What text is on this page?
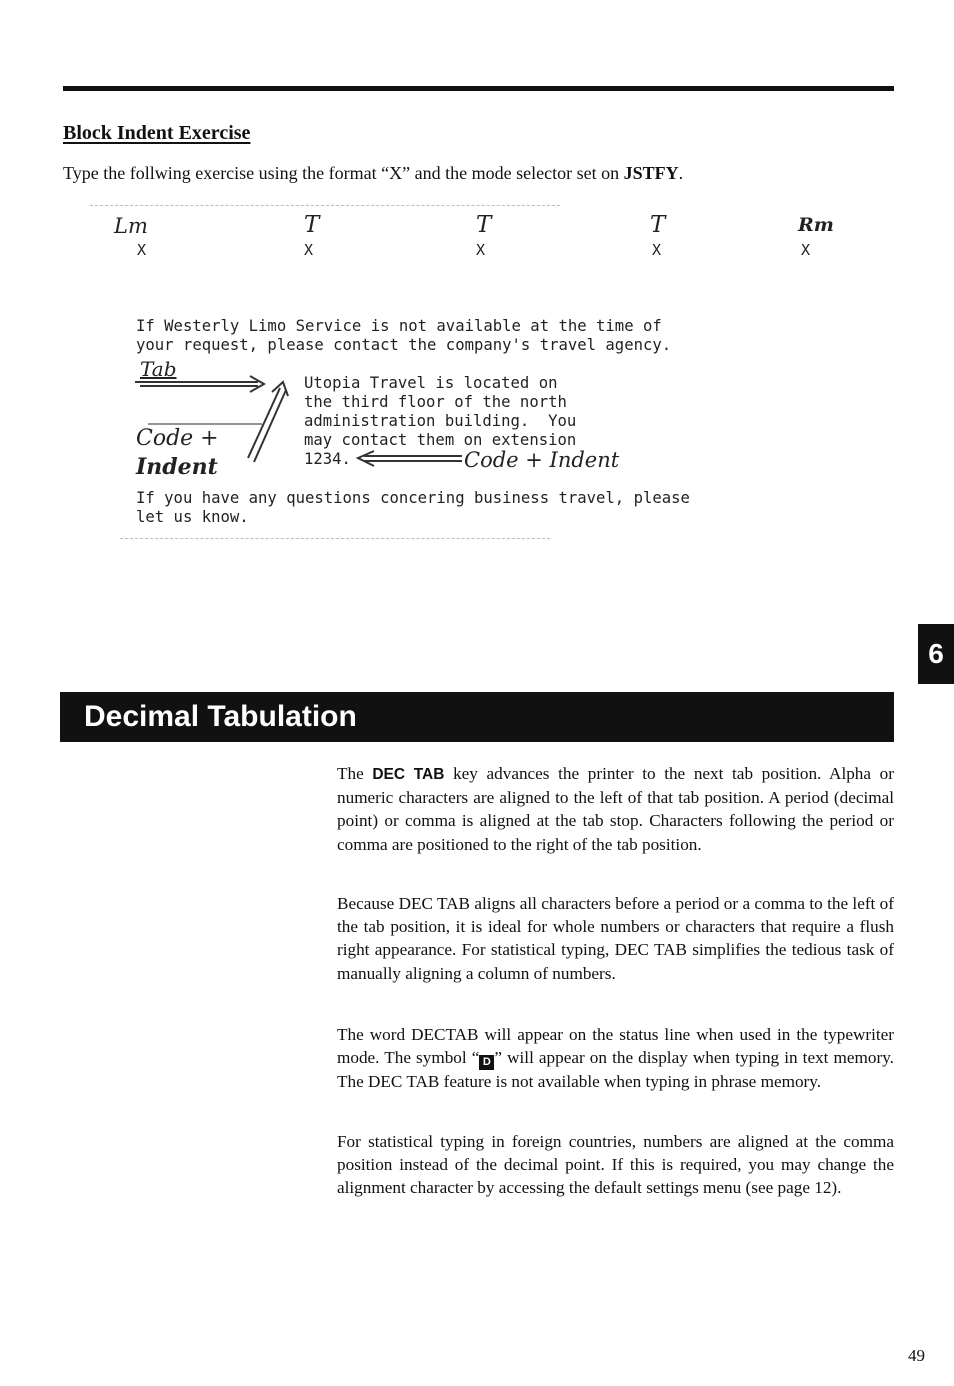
Block Indent Exercise
Type the follwing exercise using the format “X” and the mode selector set on JSTFY.
Lm	T	T	T	Rm
X	X	X	X	X
If Westerly Limo Service is not available at the time of
your request, please contact the company's travel agency.
Utopia Travel is located on
the third floor of the north
administration building.  You
may contact them on extension
1234.
Tab
Code +
Indent	Code + Indent
If you have any questions concering business travel, please
let us know.
6
Decimal Tabulation
The DEC TAB key advances the printer to the next tab position. Alpha or numeric characters are aligned to the left of that tab position. A period (decimal point) or comma is aligned at the tab stop. Characters following the period or comma are positioned to the right of the tab position.
Because DEC TAB aligns all characters before a period or a comma to the left of the tab position, it is ideal for whole numbers or characters that require a flush right appearance. For statistical typing, DEC TAB simplifies the tedious task of manually aligning a column of numbers.
The word DECTAB will appear on the status line when used in the typewriter mode. The symbol “ D ” will appear on the display when typing in text memory. The DEC TAB feature is not available when typing in phrase memory.
For statistical typing in foreign countries, numbers are aligned at the comma position instead of the decimal point. If this is required, you may change the alignment character by accessing the default settings menu (see page 12).
49
